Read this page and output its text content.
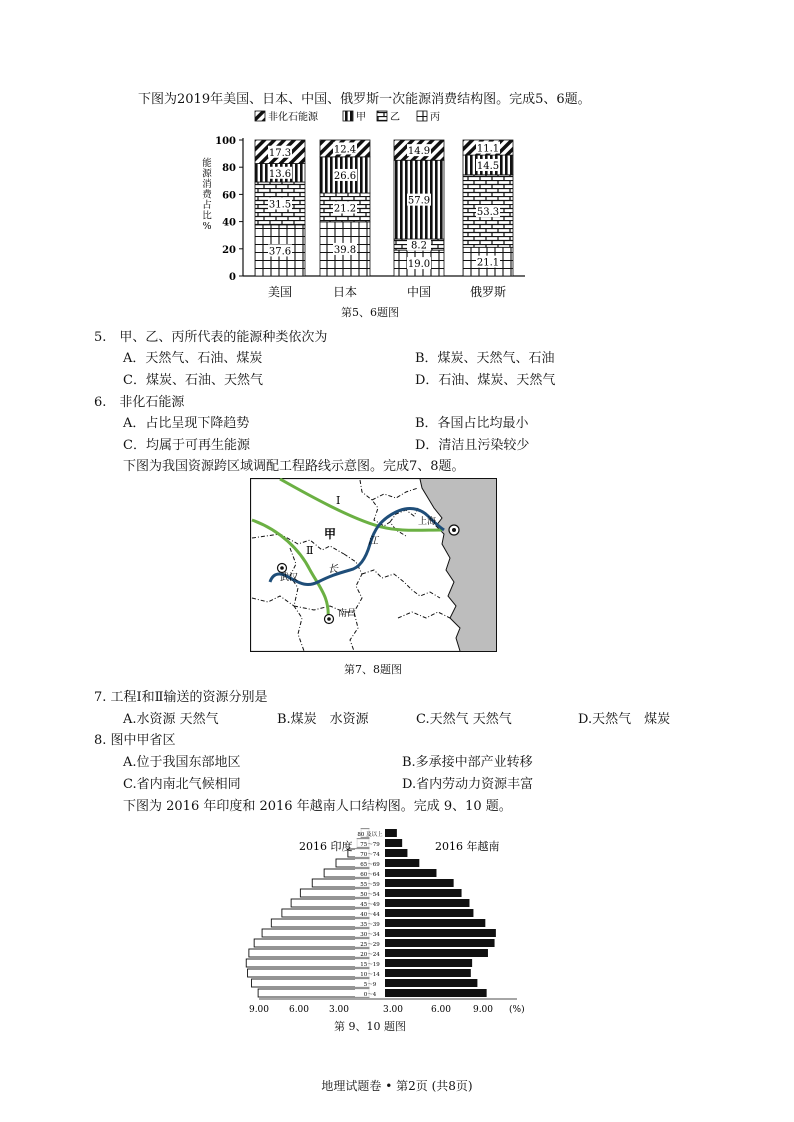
下图为2019年美国、日本、中国、俄罗斯一次能源消费结构图。完成5、6题。
非化石能源	甲 乙	丙
0
20
40
60
80
100
能
源
消
费
占
比
%
37.6
31.5
13.6
17.3
美国
39.8
21.2
26.6
12.4
日本
19.0
8.2
57.9
14.9
中国
21.1
53.3
14.5
11.1
俄罗斯
第5、6题图
5.　甲、乙、丙所代表的能源种类依次为
A．天然气、石油、煤炭	B．煤炭、天然气、石油
C．煤炭、石油、天然气	D．石油、煤炭、天然气
6.　非化石能源
A．占比呈现下降趋势	B．各国占比均最小
C．均属于可再生能源	D．清洁且污染较少
下图为我国资源跨区域调配工程路线示意图。完成7、8题。
Ⅰ
Ⅱ
甲
江
长
武汉
上海
南昌
第7、8题图
7. 工程Ⅰ和Ⅱ输送的资源分别是
A.水资源 天然气	B.煤炭　水资源	C.天然气 天然气	D.天然气　煤炭
8. 图中甲省区
A.位于我国东部地区	B.多承接中部产业转移
C.省内南北气候相同	D.省内劳动力资源丰富
下图为 2016 年印度和 2016 年越南人口结构图。完成 9、10 题。
0～4
5～9
10～14
15～19
20～24
25～29
30～34
35～39
40～44
45～49
50～54
55～59
60～64
65～69
70～74
75～79
80 及以上
2016 印度	2016 年越南
9.00 6.00 3.00	3.00	6.00 9.00 (%)
第 9、10 题图
地理试题卷 • 第2页 (共8页)
